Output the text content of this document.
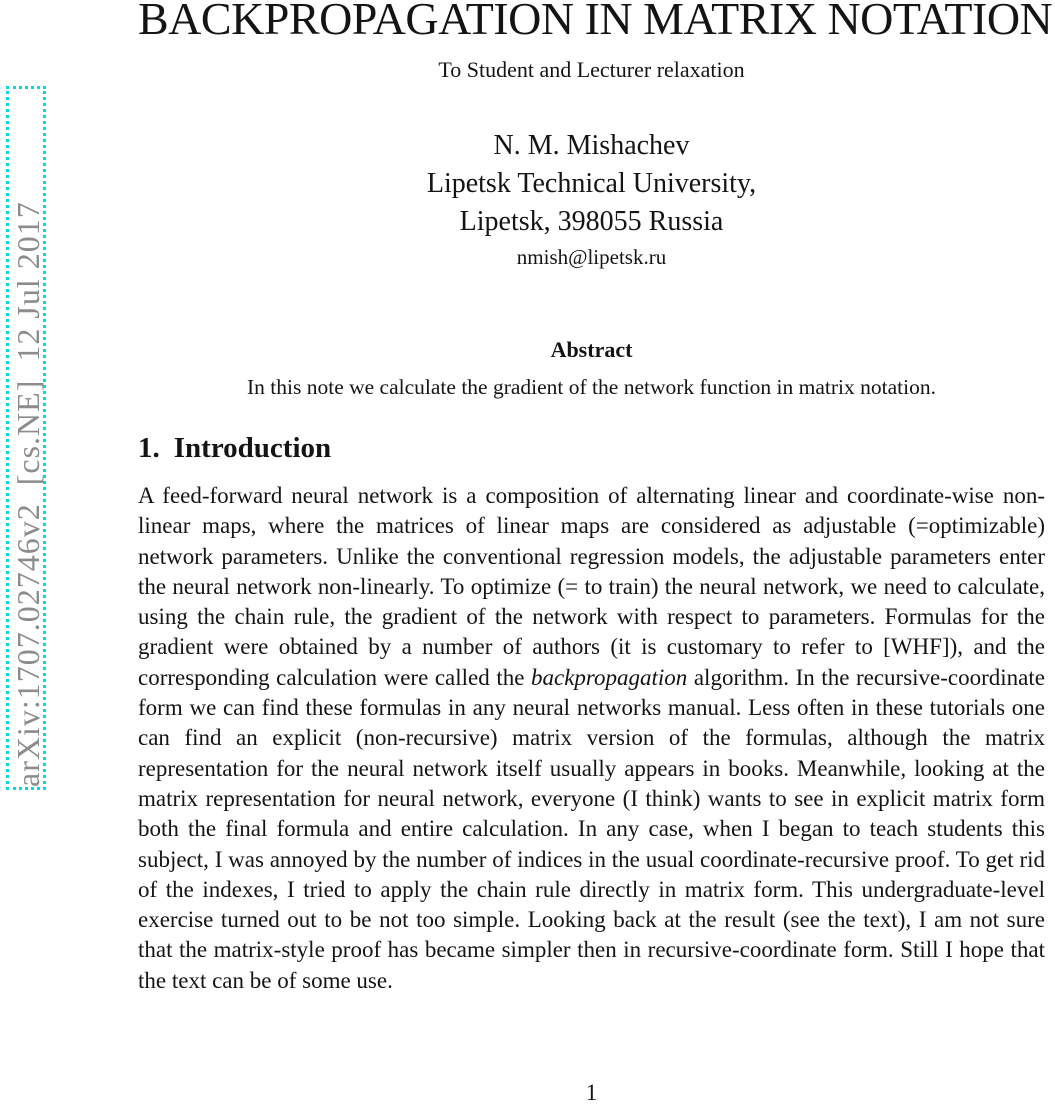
arXiv:1707.02746v2  [cs.NE]  12 Jul 2017
BACKPROPAGATION IN MATRIX NOTATION
To Student and Lecturer relaxation
N. M. Mishachev
Lipetsk Technical University,
Lipetsk, 398055 Russia
nmish@lipetsk.ru
Abstract
In this note we calculate the gradient of the network function in matrix notation.
1. Introduction

A feed-forward neural network is a composition of alternating linear and coordinate-wise non-linear maps, where the matrices of linear maps are considered as adjustable (=optimizable) network parameters. Unlike the conventional regression models, the adjustable parameters enter the neural network non-linearly. To optimize (= to train) the neural network, we need to calculate, using the chain rule, the gradient of the network with respect to parameters. Formulas for the gradient were obtained by a number of authors (it is customary to refer to [WHF]), and the corresponding calculation were called the backpropagation algorithm. In the recursive-coordinate form we can find these formulas in any neural networks manual. Less often in these tutorials one can find an explicit (non-recursive) matrix version of the formulas, although the matrix representation for the neural network itself usually appears in books. Meanwhile, looking at the matrix representation for neural network, everyone (I think) wants to see in explicit matrix form both the final formula and entire calculation. In any case, when I began to teach students this subject, I was annoyed by the number of indices in the usual coordinate-recursive proof. To get rid of the indexes, I tried to apply the chain rule directly in matrix form. This undergraduate-level exercise turned out to be not too simple. Looking back at the result (see the text), I am not sure that the matrix-style proof has became simpler then in recursive-coordinate form. Still I hope that the text can be of some use.

1
